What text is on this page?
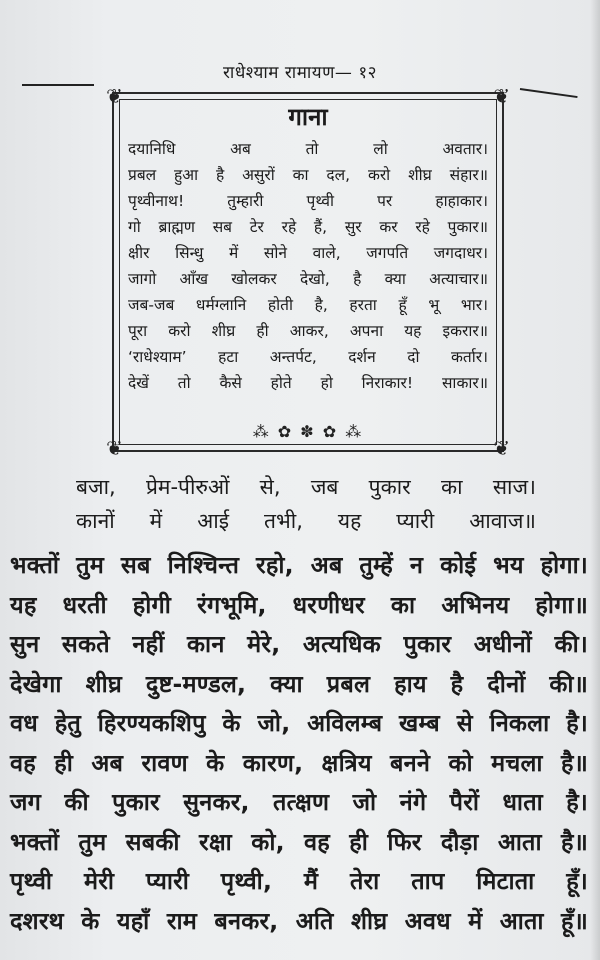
राधेश्याम रामायण— १२
❦	❦
❦	❦
गाना
दयानिधि अब तो लो अवतार।
प्रबल हुआ है असुरों का दल, करो शीघ्र संहार॥
पृथ्वीनाथ! तुम्हारी पृथ्वी पर हाहाकार।
गो ब्राह्मण सब टेर रहे हैं, सुर कर रहे पुकार॥
क्षीर सिन्धु में सोने वाले, जगपति जगदाधर।
जागो आँख खोलकर देखो, है क्या अत्याचार॥
जब-जब धर्मग्लानि होती है, हरता हूँ भू भार।
पूरा करो शीघ्र ही आकर, अपना यह इकरार॥
‘राधेश्याम’ हटा अन्तर्पट, दर्शन दो कर्तार।
देखें तो कैसे होते हो निराकार! साकार॥
⁂ ✿ ✽ ✿ ⁂
बजा, प्रेम-पीरुओं से, जब पुकार का साज।
कानों में आई तभी, यह प्यारी आवाज॥
भक्तों तुम सब निश्चिन्त रहो, अब तुम्हें न कोई भय होगा।
यह धरती होगी रंगभूमि, धरणीधर का अभिनय होगा॥
सुन सकते नहीं कान मेरे, अत्यधिक पुकार अधीनों की।
देखेगा शीघ्र दुष्ट-मण्डल, क्या प्रबल हाय है दीनों की॥
वध हेतु हिरण्यकशिपु के जो, अविलम्ब खम्ब से निकला है।
वह ही अब रावण के कारण, क्षत्रिय बनने को मचला है॥
जग की पुकार सुनकर, तत्क्षण जो नंगे पैरों धाता है।
भक्तों तुम सबकी रक्षा को, वह ही फिर दौड़ा आता है॥
पृथ्वी मेरी प्यारी पृथ्वी, मैं तेरा ताप मिटाता हूँ।
दशरथ के यहाँ राम बनकर, अति शीघ्र अवध में आता हूँ॥
